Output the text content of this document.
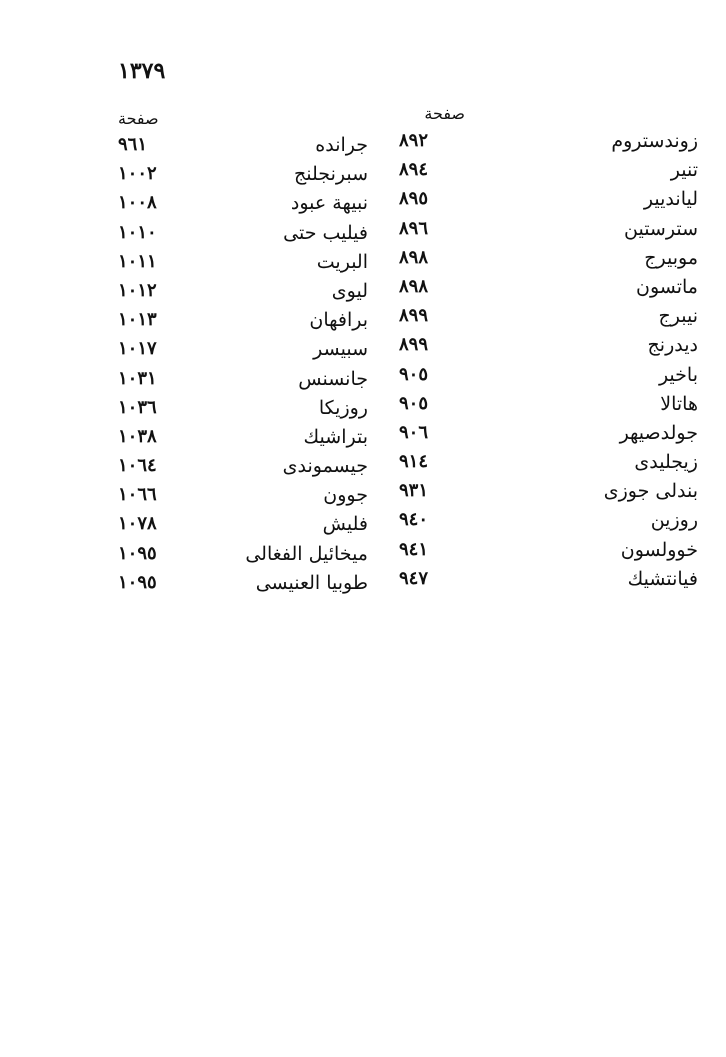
١٣٧٩
صفحة
صفحة
زوندستروم
٨٩٢
تنير
٨٩٤
ليانديير
٨٩٥
سترستين
٨٩٦
موبيرج
٨٩٨
ماتسون
٨٩٨
نيبرج
٨٩٩
ديدرنج
٨٩٩
باخير
٩٠٥
هاتالا
٩٠٥
جولدصيهر
٩٠٦
زيجليدى
٩١٤
بندلى جوزى
٩٣١
روزين
٩٤٠
خوولسون
٩٤١
فيانتشيك
٩٤٧
جرانده
٩٦١
سبرنجلنج
١٠٠٢
نبيهة عبود
١٠٠٨
فيليب حتى
١٠١٠
البريت
١٠١١
ليوى
١٠١٢
برافهان
١٠١٣
سبيسر
١٠١٧
جانسنس
١٠٣١
روزيكا
١٠٣٦
بتراشيك
١٠٣٨
جيسموندى
١٠٦٤
جوون
١٠٦٦
فليش
١٠٧٨
ميخائيل الفغالى
١٠٩٥
طوبيا العنيسى
١٠٩٥
